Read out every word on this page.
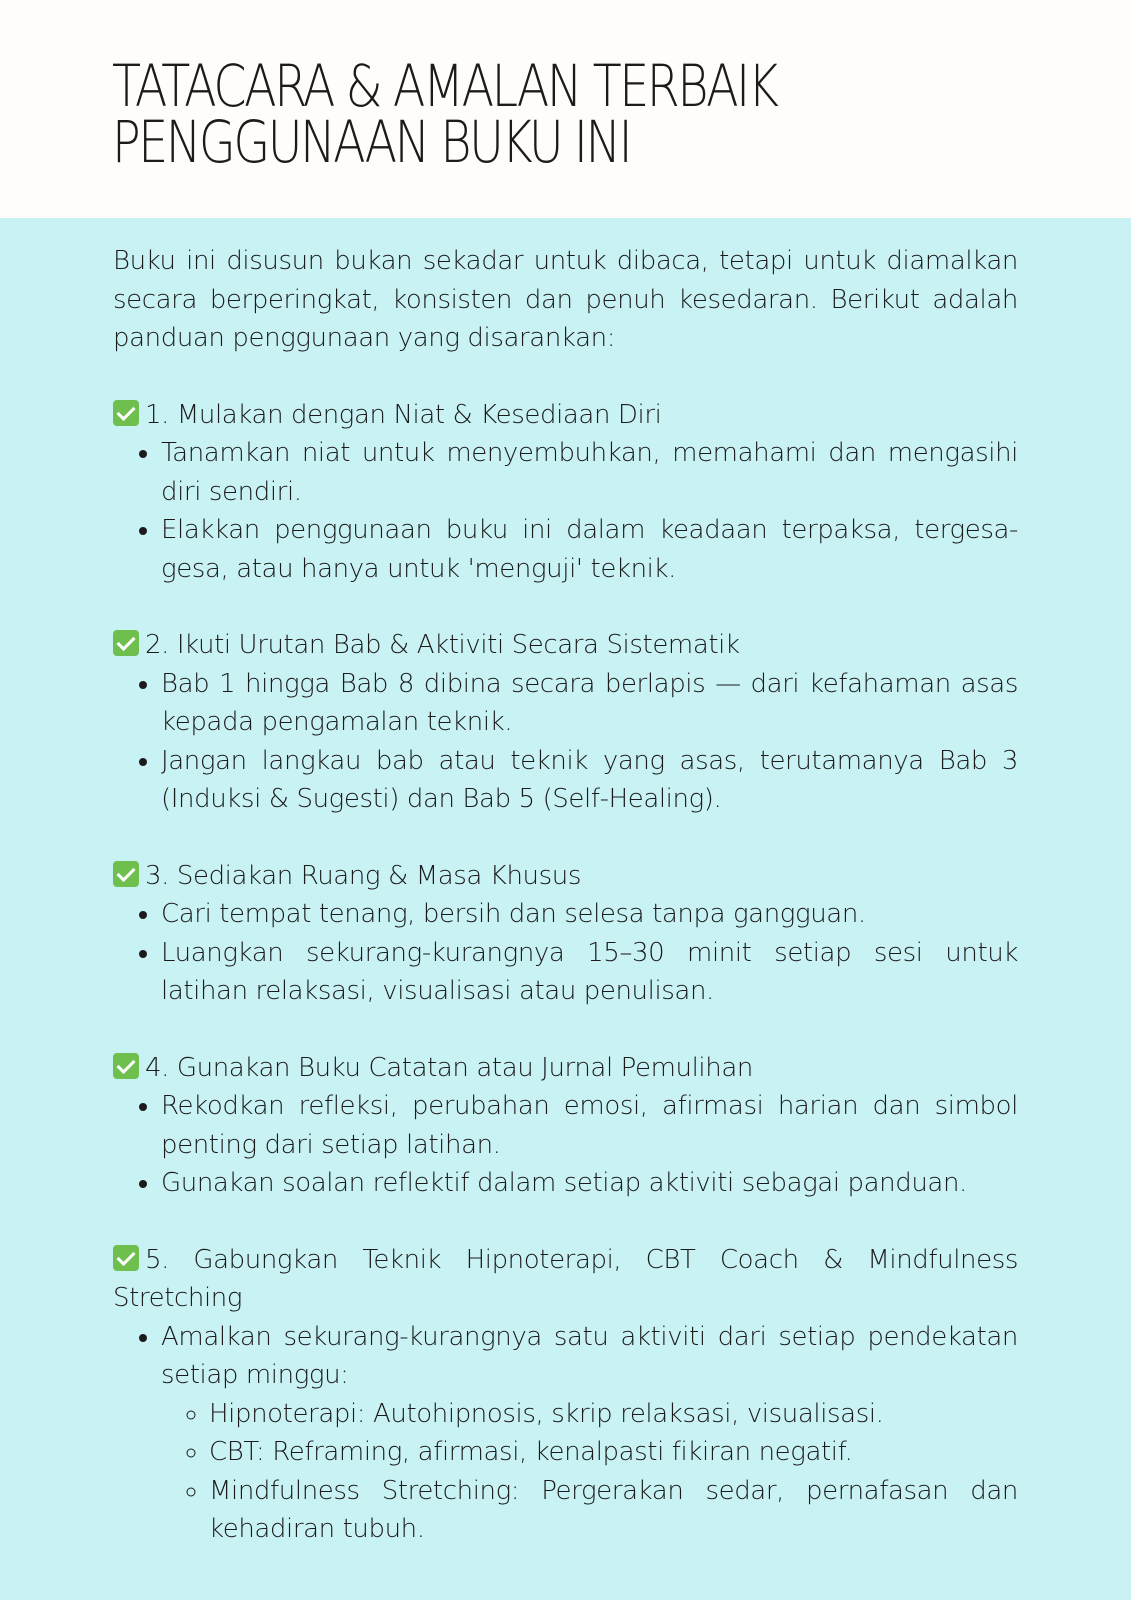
TATACARA & AMALAN TERBAIK
PENGGUNAAN BUKU INI

Buku ini disusun bukan sekadar untuk dibaca, tetapi untuk diamalkan secara berperingkat, konsisten dan penuh kesedaran. Berikut adalah panduan penggunaan yang disarankan:

1. Mulakan dengan Niat & Kesediaan Diri

• Tanamkan niat untuk menyembuhkan, memahami dan mengasihi diri sendiri.
• Elakkan penggunaan buku ini dalam keadaan terpaksa, tergesa-gesa, atau hanya untuk 'menguji' teknik.

2. Ikuti Urutan Bab & Aktiviti Secara Sistematik

• Bab 1 hingga Bab 8 dibina secara berlapis — dari kefahaman asas kepada pengamalan teknik.
• Jangan langkau bab atau teknik yang asas, terutamanya Bab 3 (Induksi & Sugesti) dan Bab 5 (Self-Healing).

3. Sediakan Ruang & Masa Khusus

• Cari tempat tenang, bersih dan selesa tanpa gangguan.
• Luangkan sekurang-kurangnya 15–30 minit setiap sesi untuk latihan relaksasi, visualisasi atau penulisan.

4. Gunakan Buku Catatan atau Jurnal Pemulihan

• Rekodkan refleksi, perubahan emosi, afirmasi harian dan simbol penting dari setiap latihan.
• Gunakan soalan reflektif dalam setiap aktiviti sebagai panduan.

5. Gabungkan Teknik Hipnoterapi, CBT Coach & Mindfulness Stretching

• Amalkan sekurang-kurangnya satu aktiviti dari setiap pendekatan setiap minggu:
◦ Hipnoterapi: Autohipnosis, skrip relaksasi, visualisasi.
◦ CBT: Reframing, afirmasi, kenalpasti fikiran negatif.
◦ Mindfulness Stretching: Pergerakan sedar, pernafasan dan kehadiran tubuh.
